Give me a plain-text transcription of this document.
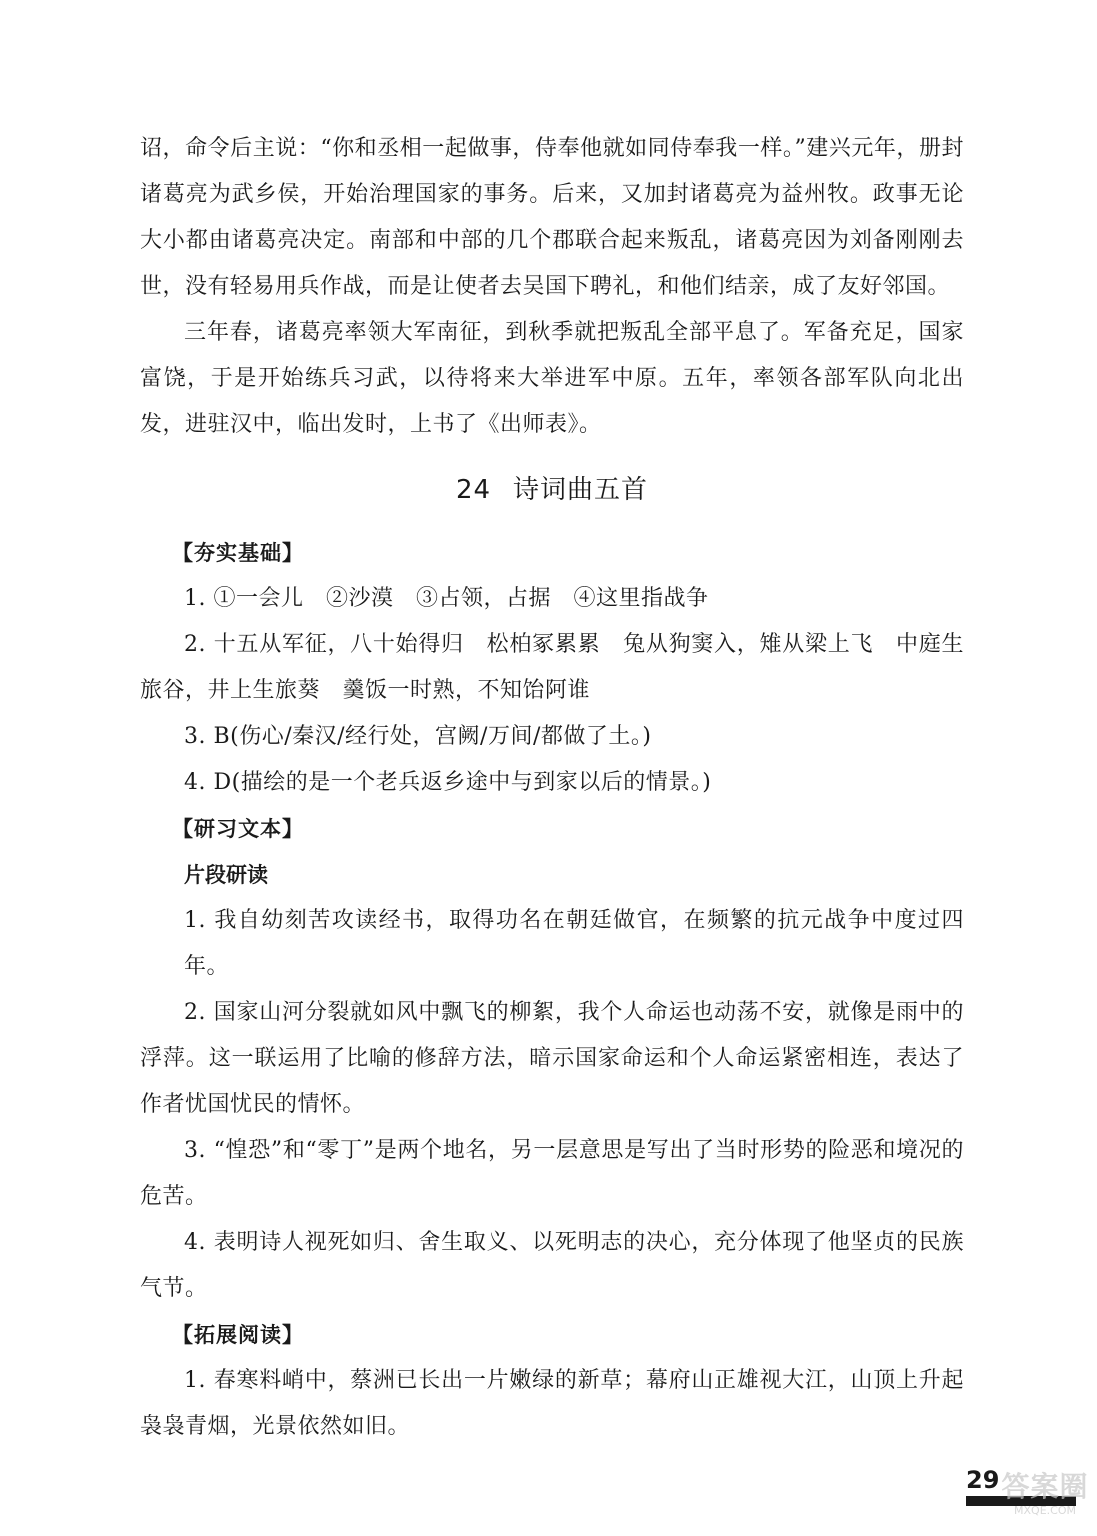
诏，命令后主说：“你和丞相一起做事，侍奉他就如同侍奉我一样。”建兴元年，册封诸葛亮为武乡侯，开始治理国家的事务。后来，又加封诸葛亮为益州牧。政事无论大小都由诸葛亮决定。南部和中部的几个郡联合起来叛乱，诸葛亮因为刘备刚刚去世，没有轻易用兵作战，而是让使者去吴国下聘礼，和他们结亲，成了友好邻国。

三年春，诸葛亮率领大军南征，到秋季就把叛乱全部平息了。军备充足，国家富饶，于是开始练兵习武，以待将来大举进军中原。五年，率领各部军队向北出发，进驻汉中，临出发时，上书了《出师表》。

24 诗词曲五首
【夯实基础】

1. ①一会儿　②沙漠　③占领，占据　④这里指战争

2. 十五从军征，八十始得归　松柏冢累累　兔从狗窦入，雉从梁上飞　中庭生旅谷，井上生旅葵　羹饭一时熟，不知饴阿谁

3. B(伤心/秦汉/经行处，宫阙/万间/都做了土。)

4. D(描绘的是一个老兵返乡途中与到家以后的情景。)

【研习文本】
片段研读

1. 我自幼刻苦攻读经书，取得功名在朝廷做官，在频繁的抗元战争中度过四年。

2. 国家山河分裂就如风中飘飞的柳絮，我个人命运也动荡不安，就像是雨中的浮萍。这一联运用了比喻的修辞方法，暗示国家命运和个人命运紧密相连，表达了作者忧国忧民的情怀。

3. “惶恐”和“零丁”是两个地名，另一层意思是写出了当时形势的险恶和境况的危苦。

4. 表明诗人视死如归、舍生取义、以死明志的决心，充分体现了他坚贞的民族气节。

【拓展阅读】

1. 春寒料峭中，蔡洲已长出一片嫩绿的新草；幕府山正雄视大江，山顶上升起袅袅青烟，光景依然如旧。

29 答案圈
MXQE.COM
